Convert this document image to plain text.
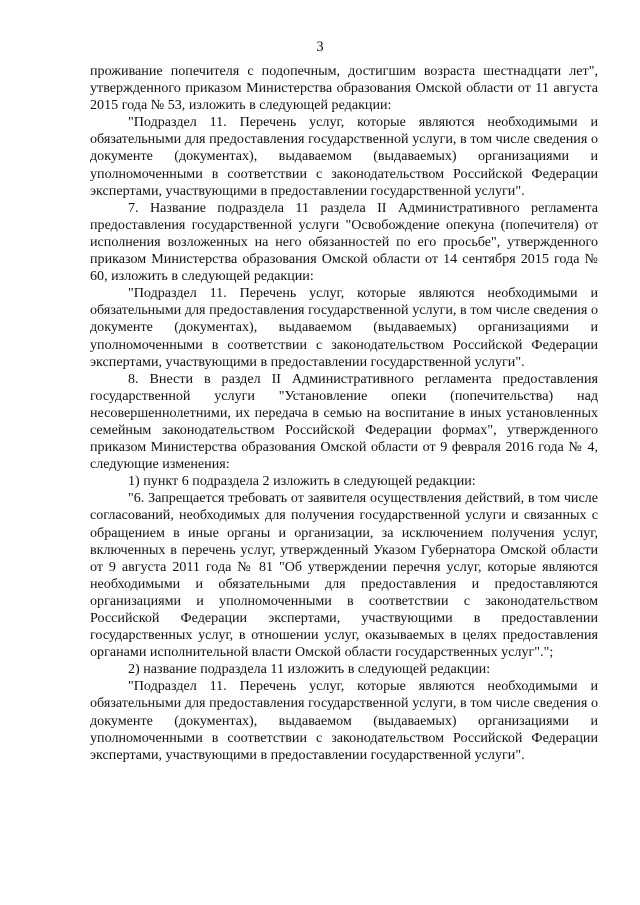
3

проживание попечителя с подопечным, достигшим возраста шестнадцати лет", утвержденного приказом Министерства образования Омской области от 11 августа 2015 года № 53, изложить в следующей редакции:

"Подраздел 11. Перечень услуг, которые являются необходимыми и обязательными для предоставления государственной услуги, в том числе сведения о документе (документах), выдаваемом (выдаваемых) организациями и уполномоченными в соответствии с законодательством Российской Федерации экспертами, участвующими в предоставлении государственной услуги".

7. Название подраздела 11 раздела II Административного регламента предоставления государственной услуги "Освобождение опекуна (попечителя) от исполнения возложенных на него обязанностей по его просьбе", утвержденного приказом Министерства образования Омской области от 14 сентября 2015 года № 60, изложить в следующей редакции:

"Подраздел 11. Перечень услуг, которые являются необходимыми и обязательными для предоставления государственной услуги, в том числе сведения о документе (документах), выдаваемом (выдаваемых) организациями и уполномоченными в соответствии с законодательством Российской Федерации экспертами, участвующими в предоставлении государственной услуги".

8. Внести в раздел II Административного регламента предоставления государственной услуги "Установление опеки (попечительства) над несовершеннолетними, их передача в семью на воспитание в иных установленных семейным законодательством Российской Федерации формах", утвержденного приказом Министерства образования Омской области от 9 февраля 2016 года № 4, следующие изменения:

1) пункт 6 подраздела 2 изложить в следующей редакции:

"6. Запрещается требовать от заявителя осуществления действий, в том числе согласований, необходимых для получения государственной услуги и связанных с обращением в иные органы и организации, за исключением получения услуг, включенных в перечень услуг, утвержденный Указом Губернатора Омской области от 9 августа 2011 года № 81 "Об утверждении перечня услуг, которые являются необходимыми и обязательными для предоставления и предоставляются организациями и уполномоченными в соответствии с законодательством Российской Федерации экспертами, участвующими в предоставлении государственных услуг, в отношении услуг, оказываемых в целях предоставления органами исполнительной власти Омской области государственных услуг".";

2) название подраздела 11 изложить в следующей редакции:

"Подраздел 11. Перечень услуг, которые являются необходимыми и обязательными для предоставления государственной услуги, в том числе сведения о документе (документах), выдаваемом (выдаваемых) организациями и уполномоченными в соответствии с законодательством Российской Федерации экспертами, участвующими в предоставлении государственной услуги".
